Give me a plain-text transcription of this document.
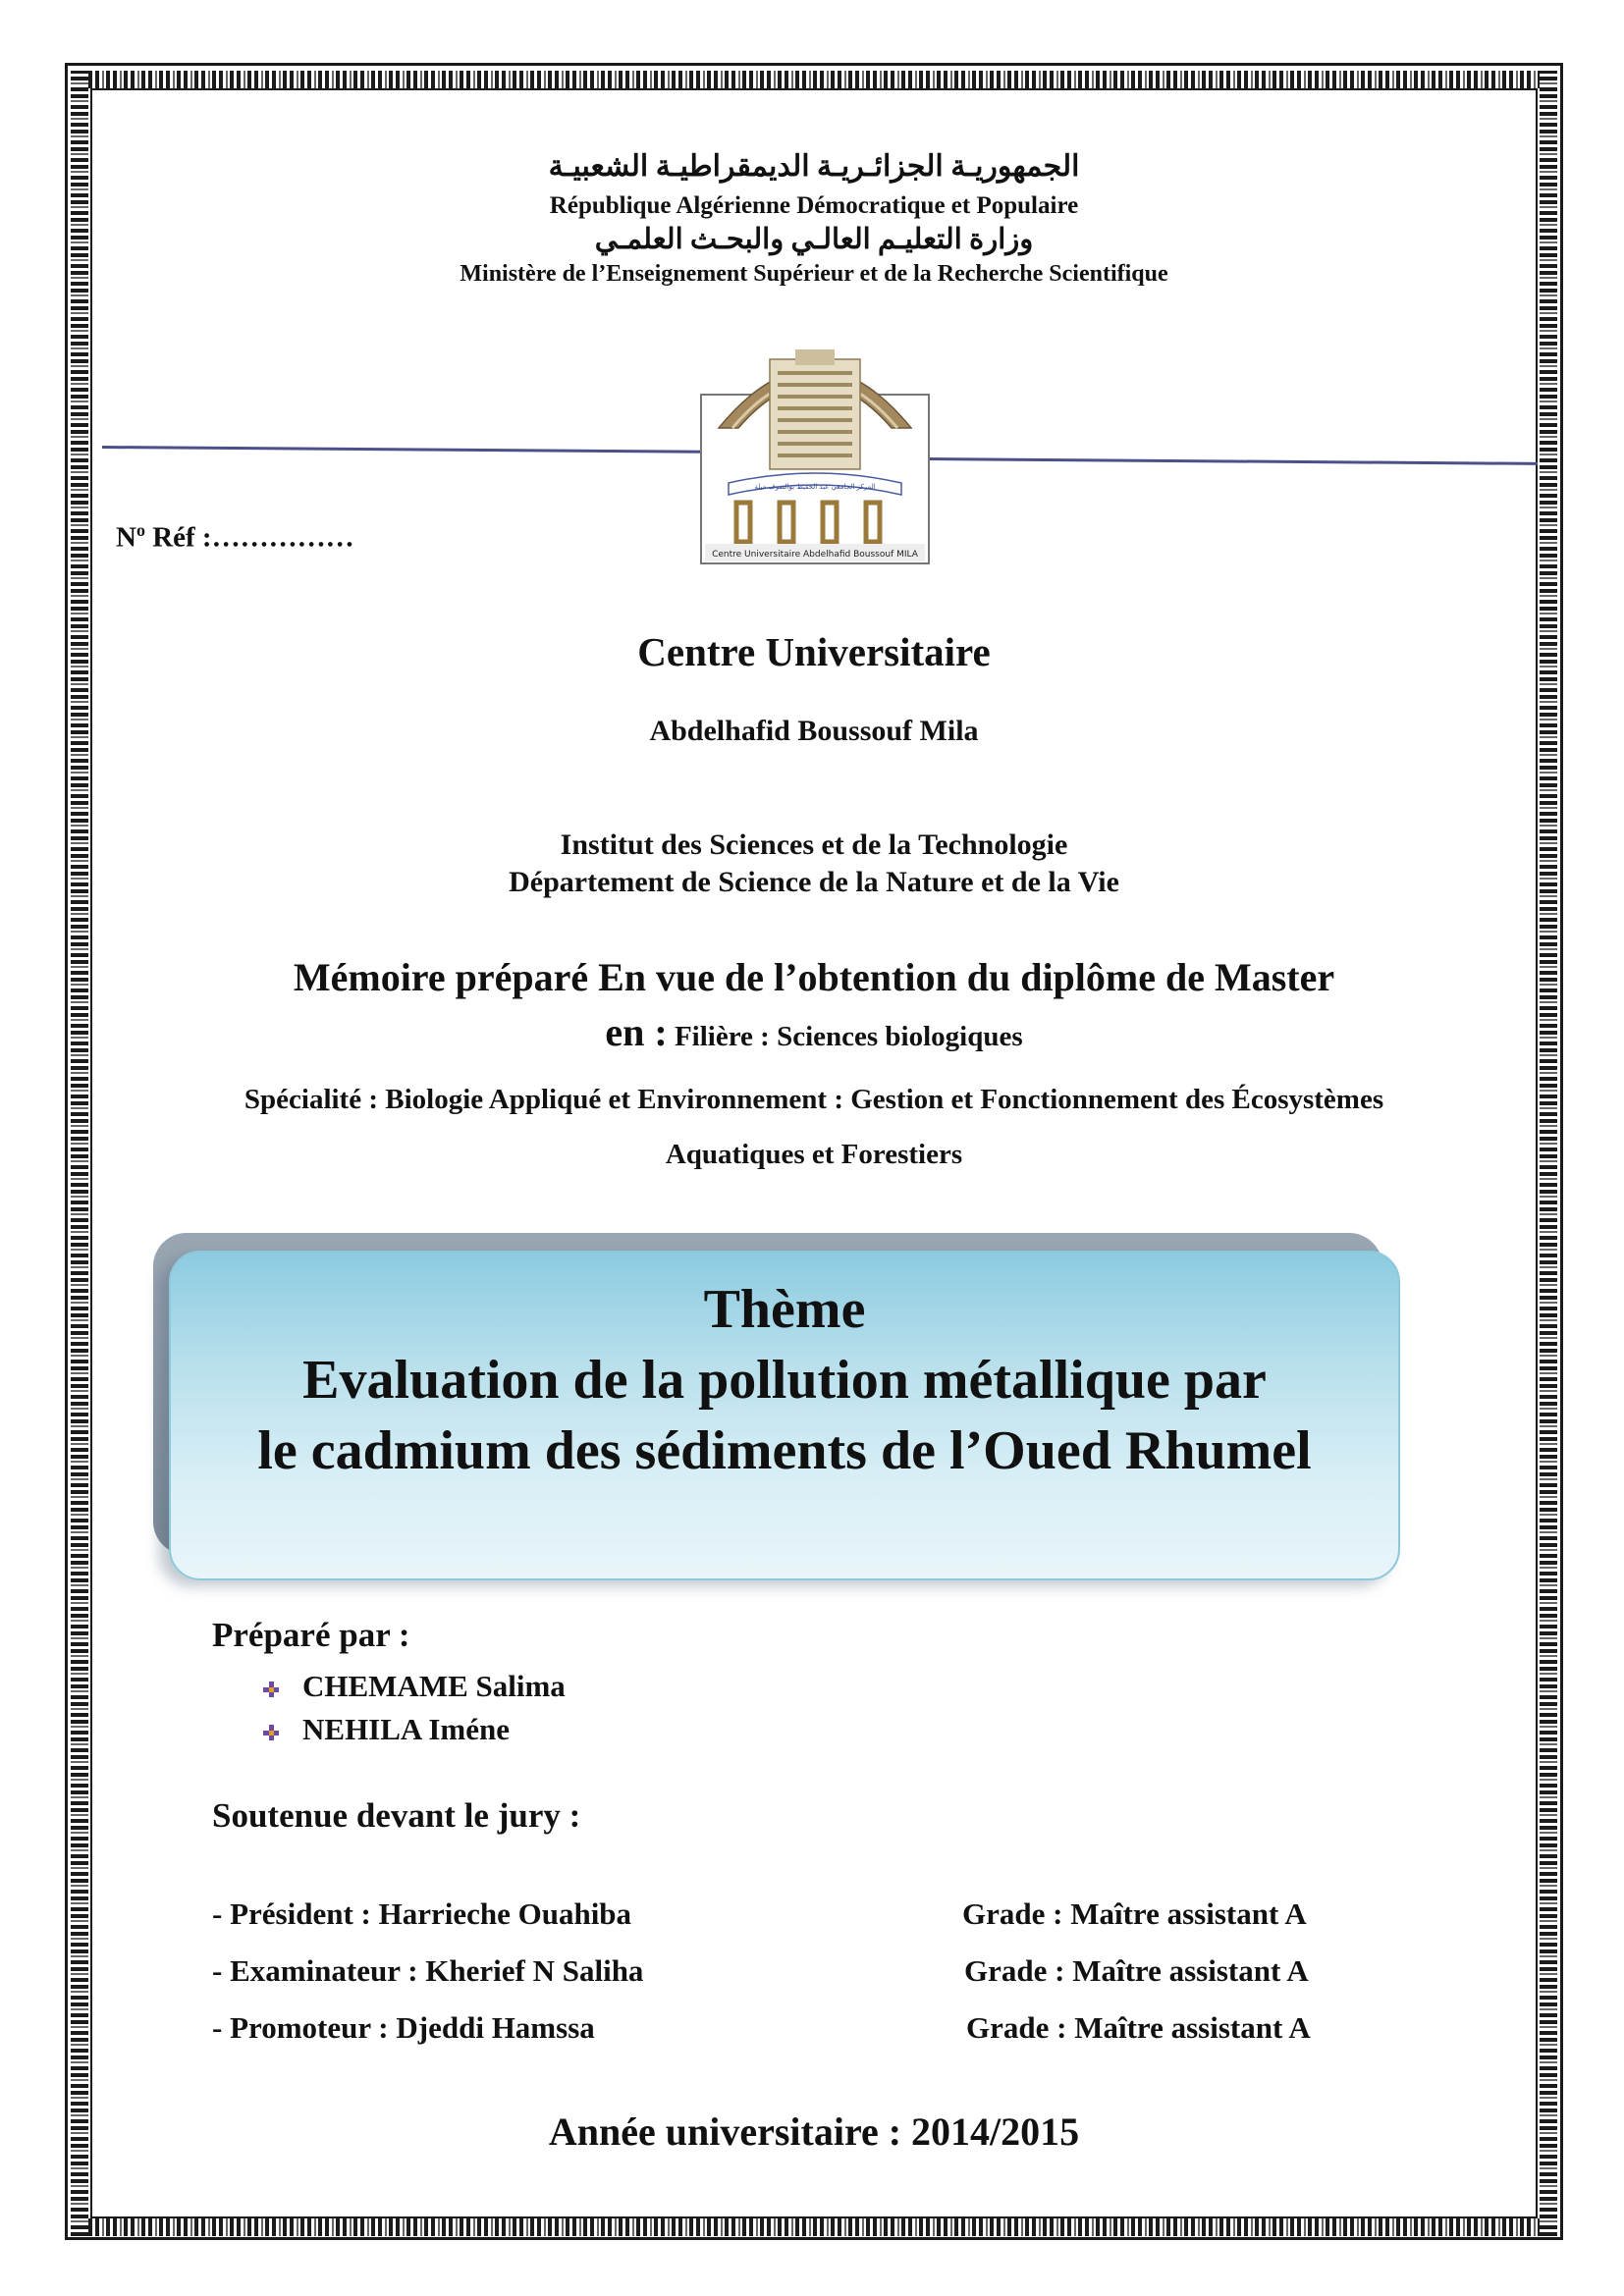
الجمهوريـة الجزائـريـة الديمقراطيـة الشعبيـة
République Algérienne Démocratique et Populaire
وزارة التعليـم العالـي والبحـث العلمـي
Ministère de l’Enseignement Supérieur et de la Recherche Scientifique
المركز الجامعي عبد الحفيظ بوالصوف ميلة
Centre Universitaire Abdelhafid Boussouf MILA
$N^o$ Réf :……………
Centre Universitaire
Abdelhafid Boussouf Mila
Institut des Sciences et de la Technologie
Département de Science de la Nature et de la Vie
Mémoire préparé En vue de l’obtention du diplôme de Master
en : Filière : Sciences biologiques
Spécialité : Biologie Appliqué et Environnement : Gestion et Fonctionnement des Écosystèmes
Aquatiques et Forestiers
Thème
Evaluation de la pollution métallique par
le cadmium des sédiments de l’Oued Rhumel
Préparé par :
CHEMAME Salima
NEHILA Iméne
Soutenue devant le jury :
- Président : Harrieche Ouahiba	Grade : Maître assistant A
- Examinateur : Kherief N Saliha	Grade : Maître assistant A
- Promoteur : Djeddi Hamssa	Grade : Maître assistant A
Année universitaire : 2014/2015
